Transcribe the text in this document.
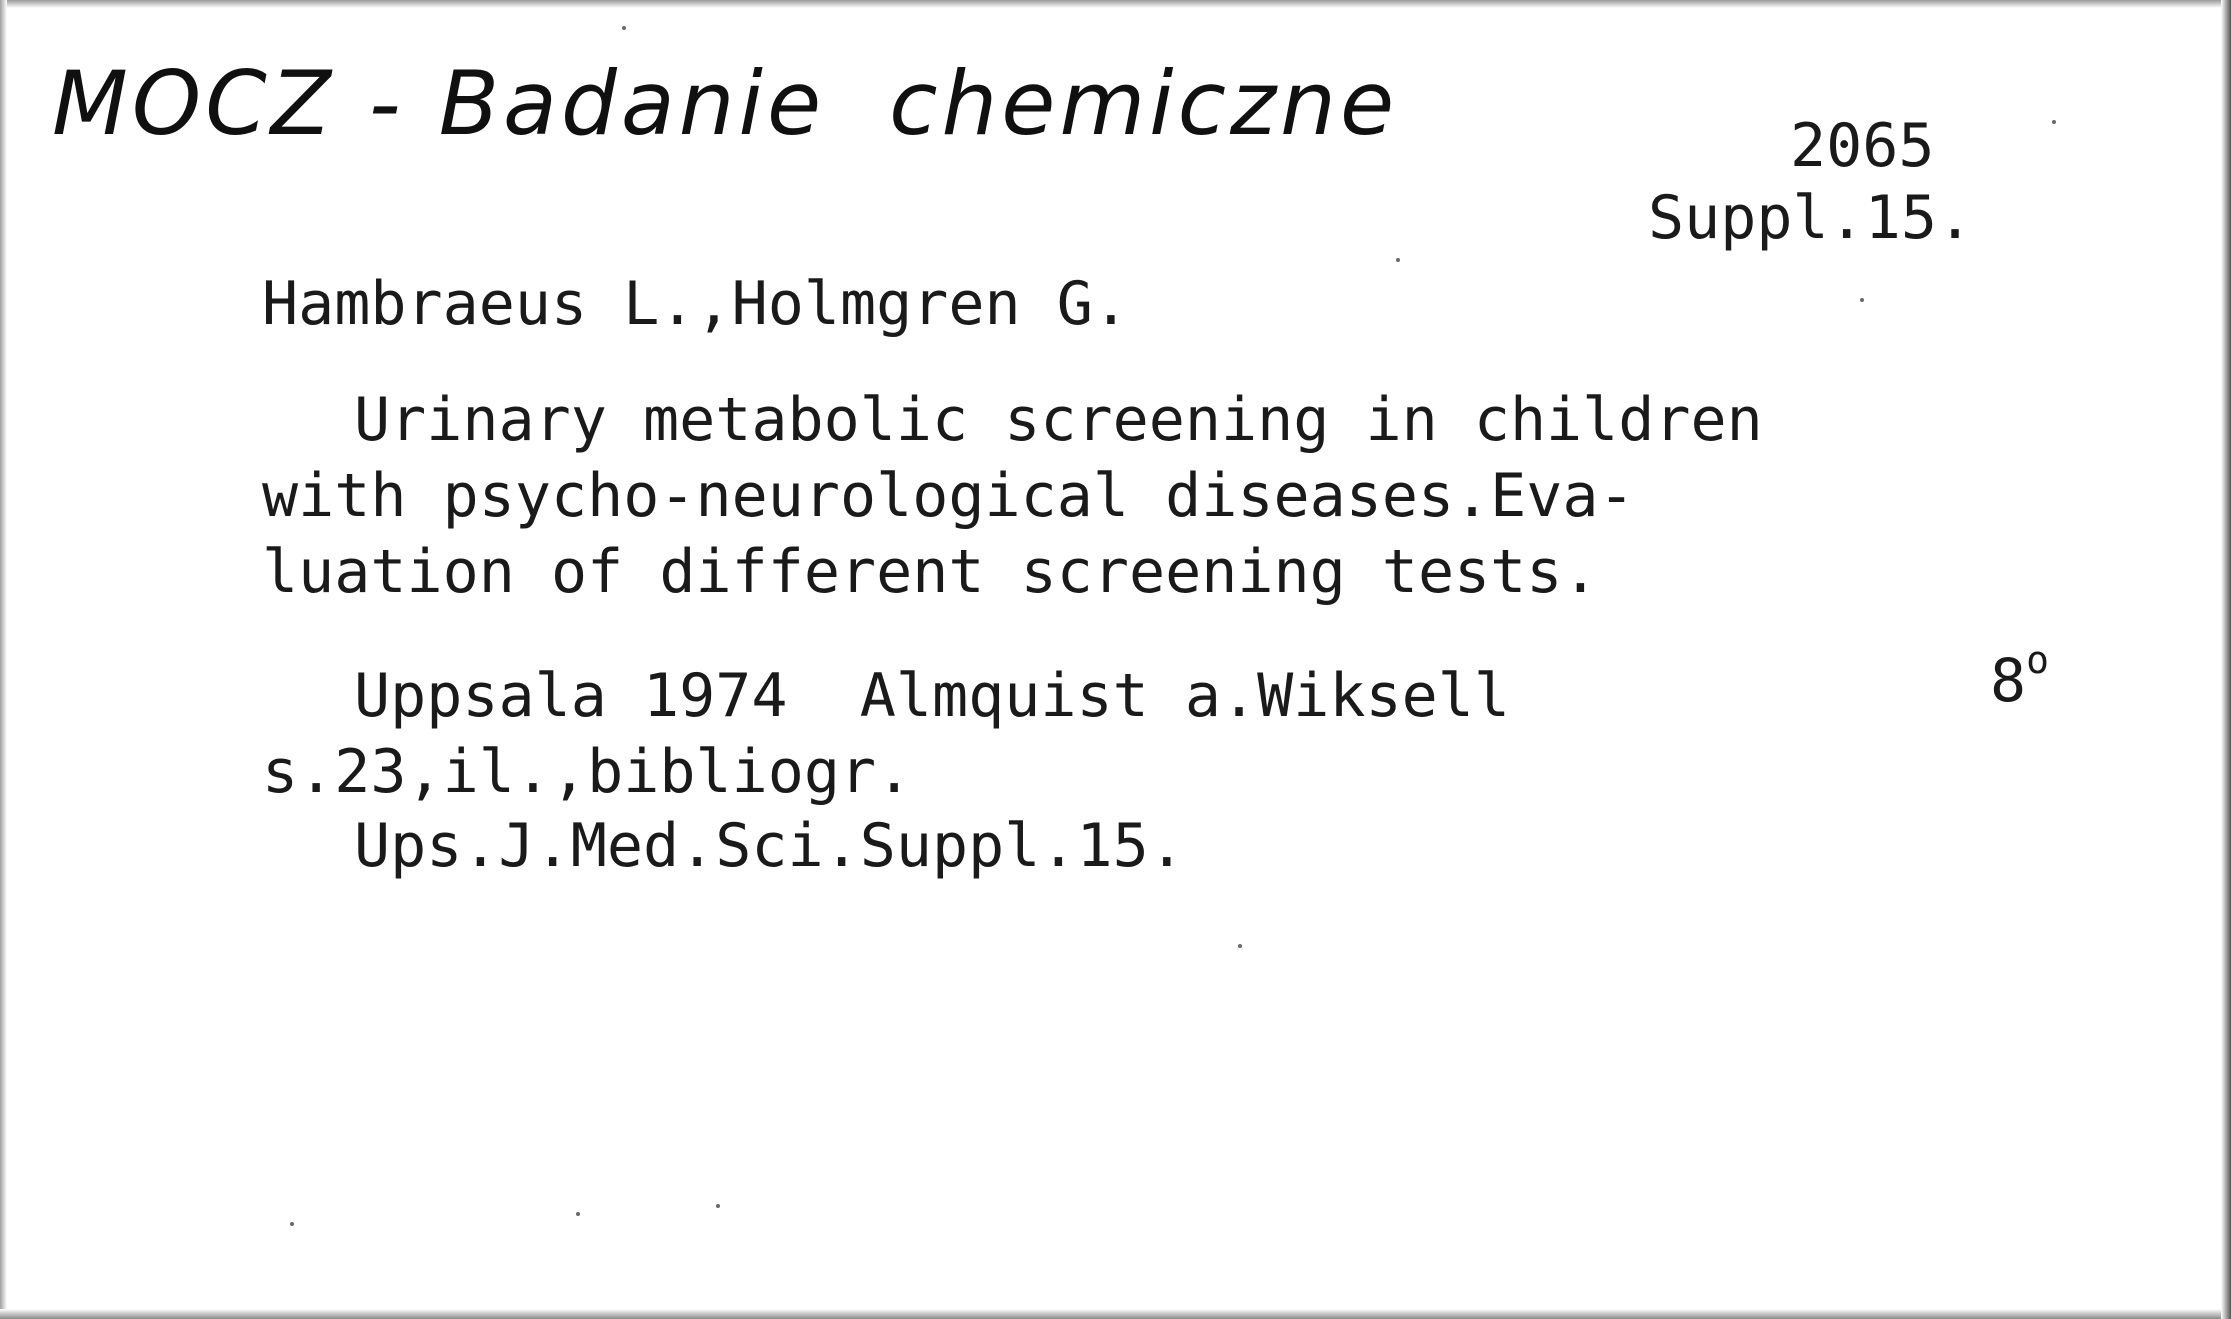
MOCZ - Badanie chemiczne	2065
Suppl.15.
Hambraeus L.,Holmgren G.
Urinary metabolic screening in children
with psycho-neurological diseases.Eva-
luation of different screening tests.
Uppsala 1974  Almquist a.Wiksell	8$^o$
s.23,il.,bibliogr.
Ups.J.Med.Sci.Suppl.15.
